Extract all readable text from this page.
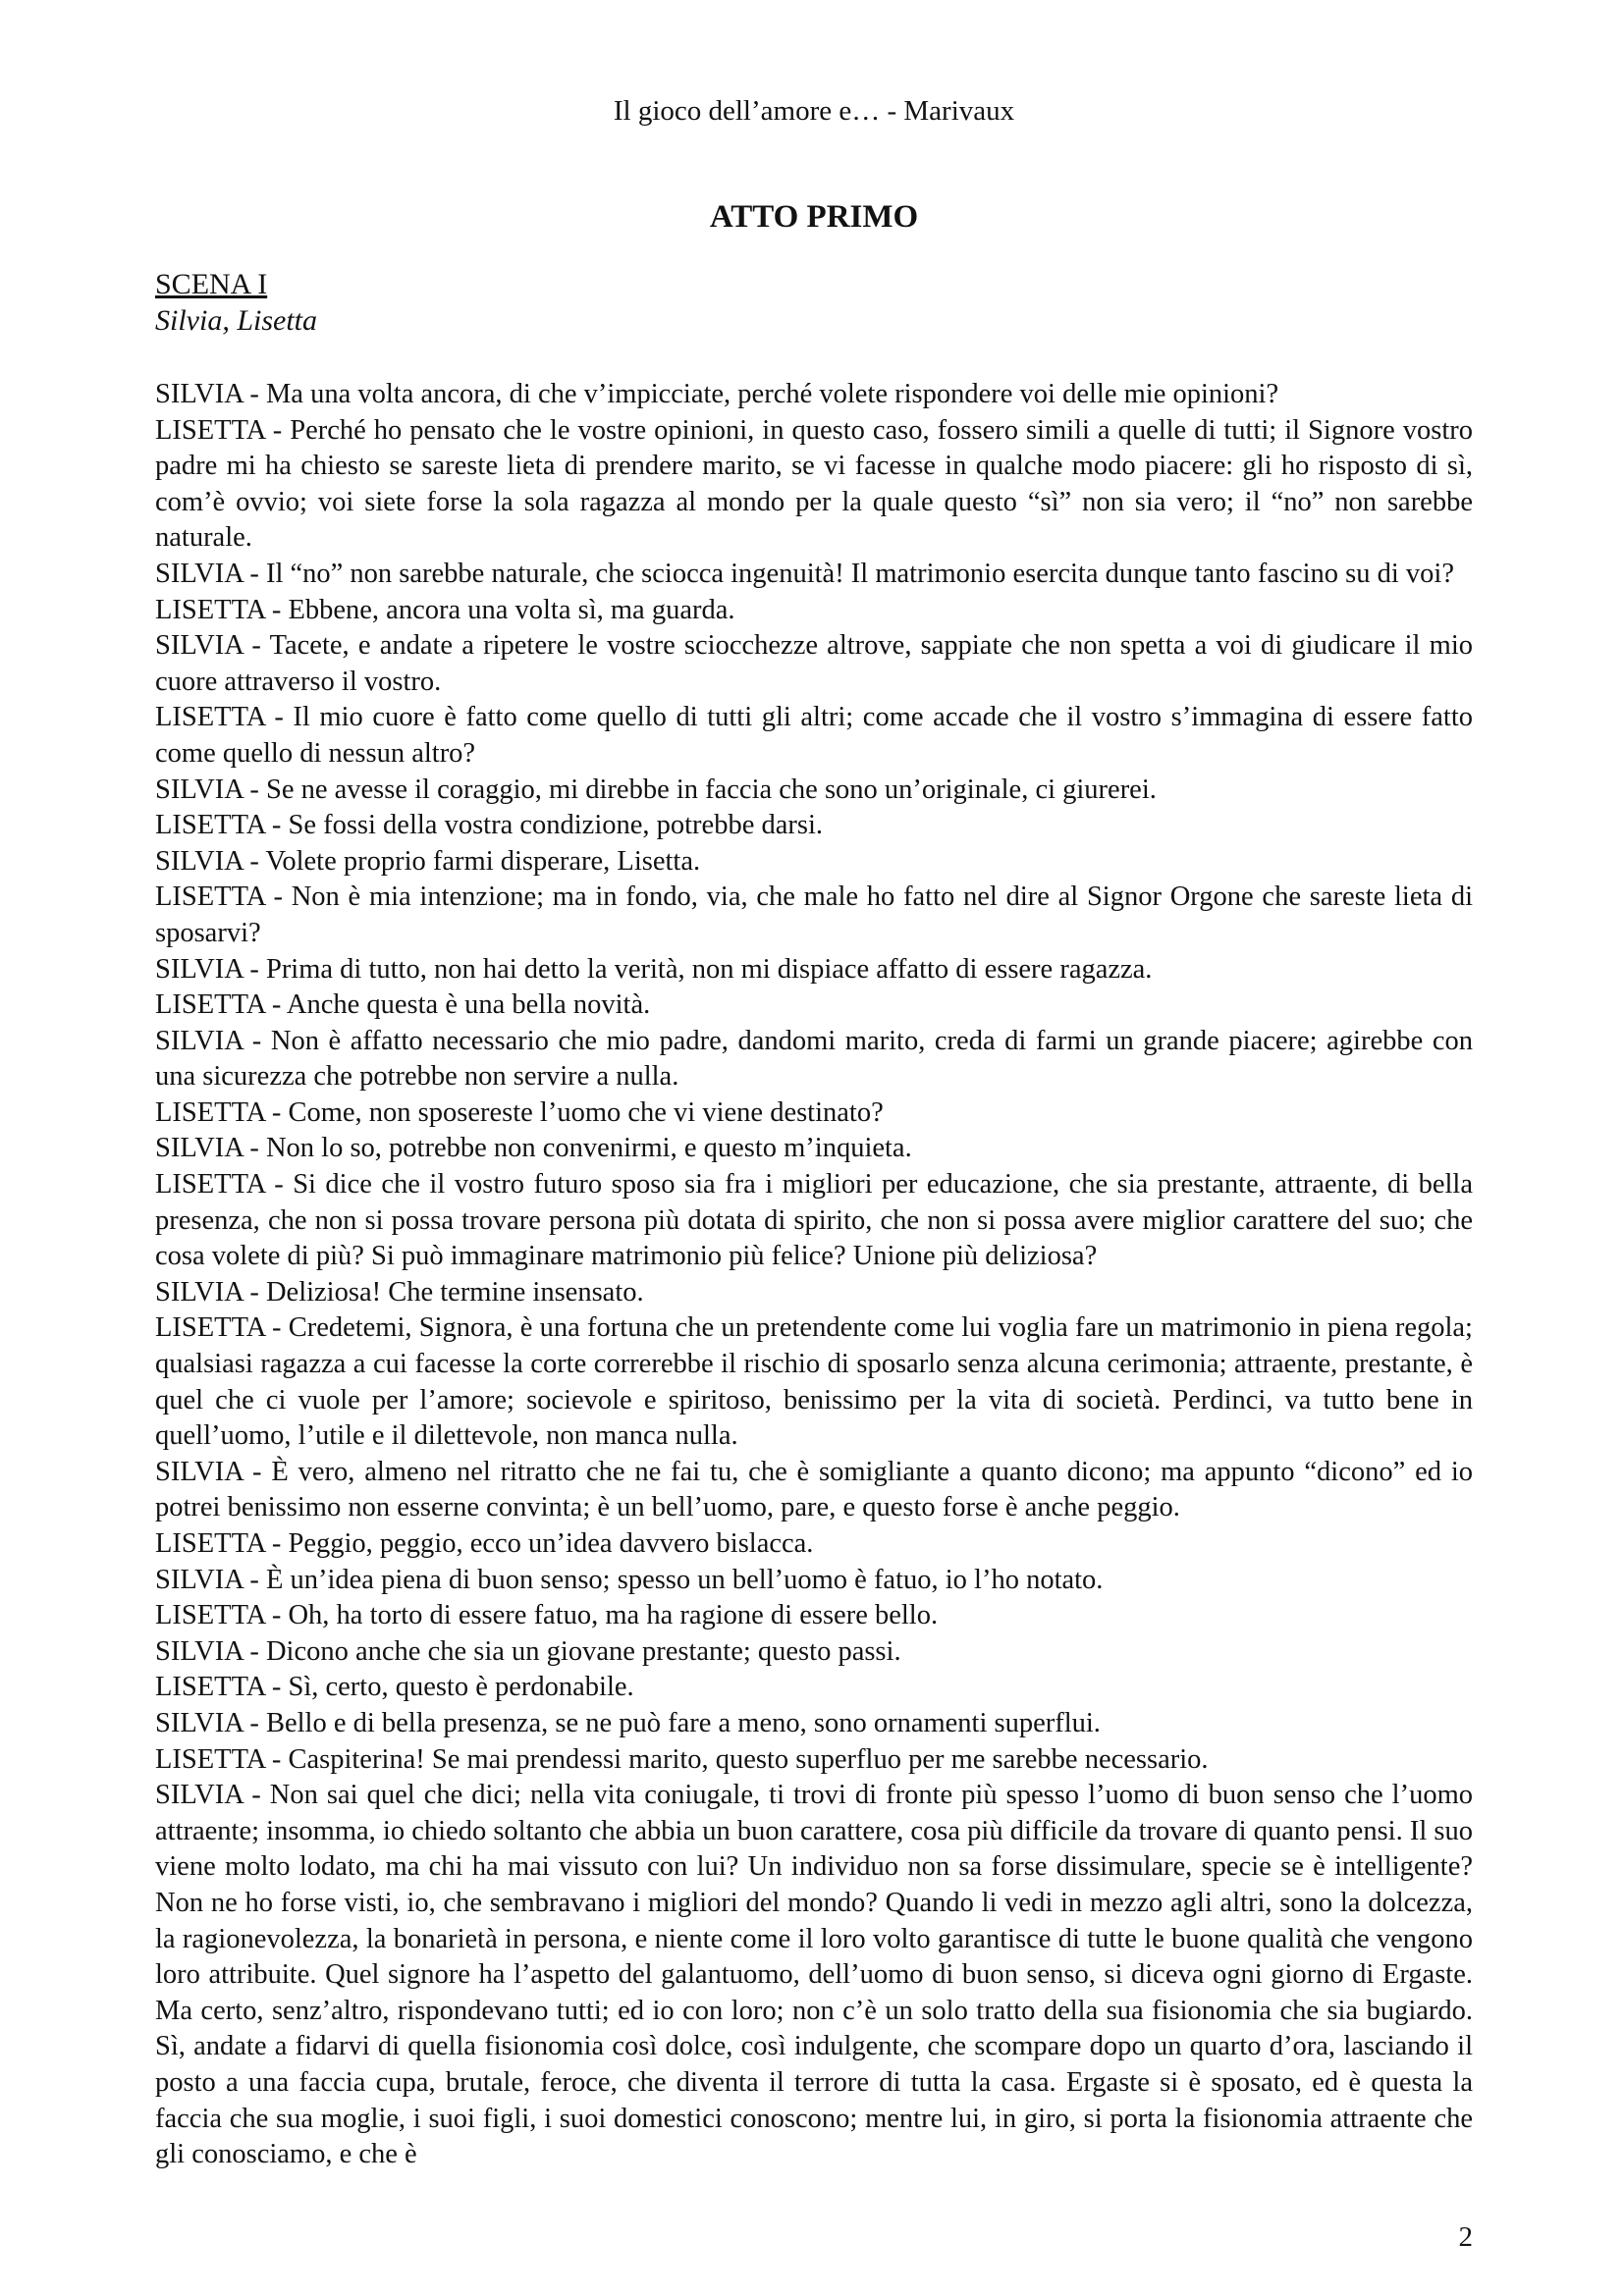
Il gioco dell’amore e… - Marivaux
ATTO PRIMO
SCENA I
Silvia, Lisetta

SILVIA - Ma una volta ancora, di che v’impicciate, perché volete rispondere voi delle mie opinioni?

LISETTA - Perché ho pensato che le vostre opinioni, in questo caso, fossero simili a quelle di tutti; il Signore vostro padre mi ha chiesto se sareste lieta di prendere marito, se vi facesse in qualche modo piacere: gli ho risposto di sì, com’è ovvio; voi siete forse la sola ragazza al mondo per la quale questo “sì” non sia vero; il “no” non sarebbe naturale.

SILVIA - Il “no” non sarebbe naturale, che sciocca ingenuità! Il matrimonio esercita dunque tanto fascino su di voi?

LISETTA - Ebbene, ancora una volta sì, ma guarda.

SILVIA - Tacete, e andate a ripetere le vostre sciocchezze altrove, sappiate che non spetta a voi di giudicare il mio cuore attraverso il vostro.

LISETTA - Il mio cuore è fatto come quello di tutti gli altri; come accade che il vostro s’immagina di essere fatto come quello di nessun altro?

SILVIA - Se ne avesse il coraggio, mi direbbe in faccia che sono un’originale, ci giurerei.

LISETTA - Se fossi della vostra condizione, potrebbe darsi.

SILVIA - Volete proprio farmi disperare, Lisetta.

LISETTA - Non è mia intenzione; ma in fondo, via, che male ho fatto nel dire al Signor Orgone che sareste lieta di sposarvi?

SILVIA - Prima di tutto, non hai detto la verità, non mi dispiace affatto di essere ragazza.

LISETTA - Anche questa è una bella novità.

SILVIA - Non è affatto necessario che mio padre, dandomi marito, creda di farmi un grande piacere; agirebbe con una sicurezza che potrebbe non servire a nulla.

LISETTA - Come, non sposereste l’uomo che vi viene destinato?

SILVIA - Non lo so, potrebbe non convenirmi, e questo m’inquieta.

LISETTA - Si dice che il vostro futuro sposo sia fra i migliori per educazione, che sia prestante, attraente, di bella presenza, che non si possa trovare persona più dotata di spirito, che non si possa avere miglior carattere del suo; che cosa volete di più? Si può immaginare matrimonio più felice? Unione più deliziosa?

SILVIA - Deliziosa! Che termine insensato.

LISETTA - Credetemi, Signora, è una fortuna che un pretendente come lui voglia fare un matrimonio in piena regola; qualsiasi ragazza a cui facesse la corte correrebbe il rischio di sposarlo senza alcuna cerimonia; attraente, prestante, è quel che ci vuole per l’amore; socievole e spiritoso, benissimo per la vita di società. Perdinci, va tutto bene in quell’uomo, l’utile e il dilettevole, non manca nulla.

SILVIA - È vero, almeno nel ritratto che ne fai tu, che è somigliante a quanto dicono; ma appunto “dicono” ed io potrei benissimo non esserne convinta; è un bell’uomo, pare, e questo forse è anche peggio.

LISETTA - Peggio, peggio, ecco un’idea davvero bislacca.

SILVIA - È un’idea piena di buon senso; spesso un bell’uomo è fatuo, io l’ho notato.

LISETTA - Oh, ha torto di essere fatuo, ma ha ragione di essere bello.

SILVIA - Dicono anche che sia un giovane prestante; questo passi.

LISETTA - Sì, certo, questo è perdonabile.

SILVIA - Bello e di bella presenza, se ne può fare a meno, sono ornamenti superflui.

LISETTA - Caspiterina! Se mai prendessi marito, questo superfluo per me sarebbe necessario.

SILVIA - Non sai quel che dici; nella vita coniugale, ti trovi di fronte più spesso l’uomo di buon senso che l’uomo attraente; insomma, io chiedo soltanto che abbia un buon carattere, cosa più difficile da trovare di quanto pensi. Il suo viene molto lodato, ma chi ha mai vissuto con lui? Un individuo non sa forse dissimulare, specie se è intelligente? Non ne ho forse visti, io, che sembravano i migliori del mondo? Quando li vedi in mezzo agli altri, sono la dolcezza, la ragionevolezza, la bonarietà in persona, e niente come il loro volto garantisce di tutte le buone qualità che vengono loro attribuite. Quel signore ha l’aspetto del galantuomo, dell’uomo di buon senso, si diceva ogni giorno di Ergaste. Ma certo, senz’altro, rispondevano tutti; ed io con loro; non c’è un solo tratto della sua fisionomia che sia bugiardo. Sì, andate a fidarvi di quella fisionomia così dolce, così indulgente, che scompare dopo un quarto d’ora, lasciando il posto a una faccia cupa, brutale, feroce, che diventa il terrore di tutta la casa. Ergaste si è sposato, ed è questa la faccia che sua moglie, i suoi figli, i suoi domestici conoscono; mentre lui, in giro, si porta la fisionomia attraente che gli conosciamo, e che è

2
